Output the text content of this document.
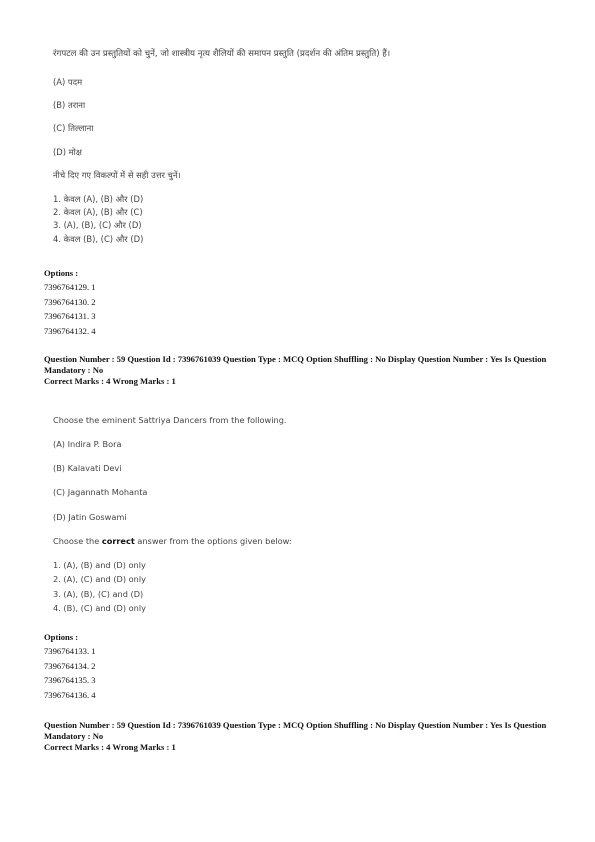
रंगपटल की उन प्रस्तुतियों को चुनें, जो शास्त्रीय नृत्य शैलियों की समापन प्रस्तुति (प्रदर्शन की अंतिम प्रस्तुति) हैं।
(A) पदम
(B) तराना
(C) तिल्लाना
(D) मोक्ष
नीचे दिए गए विकल्पों में से सही उत्तर चुनें।
1. केवल (A), (B) और (D)
2. केवल (A), (B) और (C)
3. (A), (B), (C) और (D)
4. केवल (B), (C) और (D)
Options :
7396764129. 1
7396764130. 2
7396764131. 3
7396764132. 4
Question Number : 59 Question Id : 7396761039 Question Type : MCQ Option Shuffling : No Display Question Number : Yes Is Question Mandatory : No
Correct Marks : 4 Wrong Marks : 1
Choose the eminent Sattriya Dancers from the following.
(A) Indira P. Bora
(B) Kalavati Devi
(C) Jagannath Mohanta
(D) Jatin Goswami
Choose the correct answer from the options given below:
1. (A), (B) and (D) only
2. (A), (C) and (D) only
3. (A), (B), (C) and (D)
4. (B), (C) and (D) only
Options :
7396764133. 1
7396764134. 2
7396764135. 3
7396764136. 4
Question Number : 59 Question Id : 7396761039 Question Type : MCQ Option Shuffling : No Display Question Number : Yes Is Question Mandatory : No
Correct Marks : 4 Wrong Marks : 1
